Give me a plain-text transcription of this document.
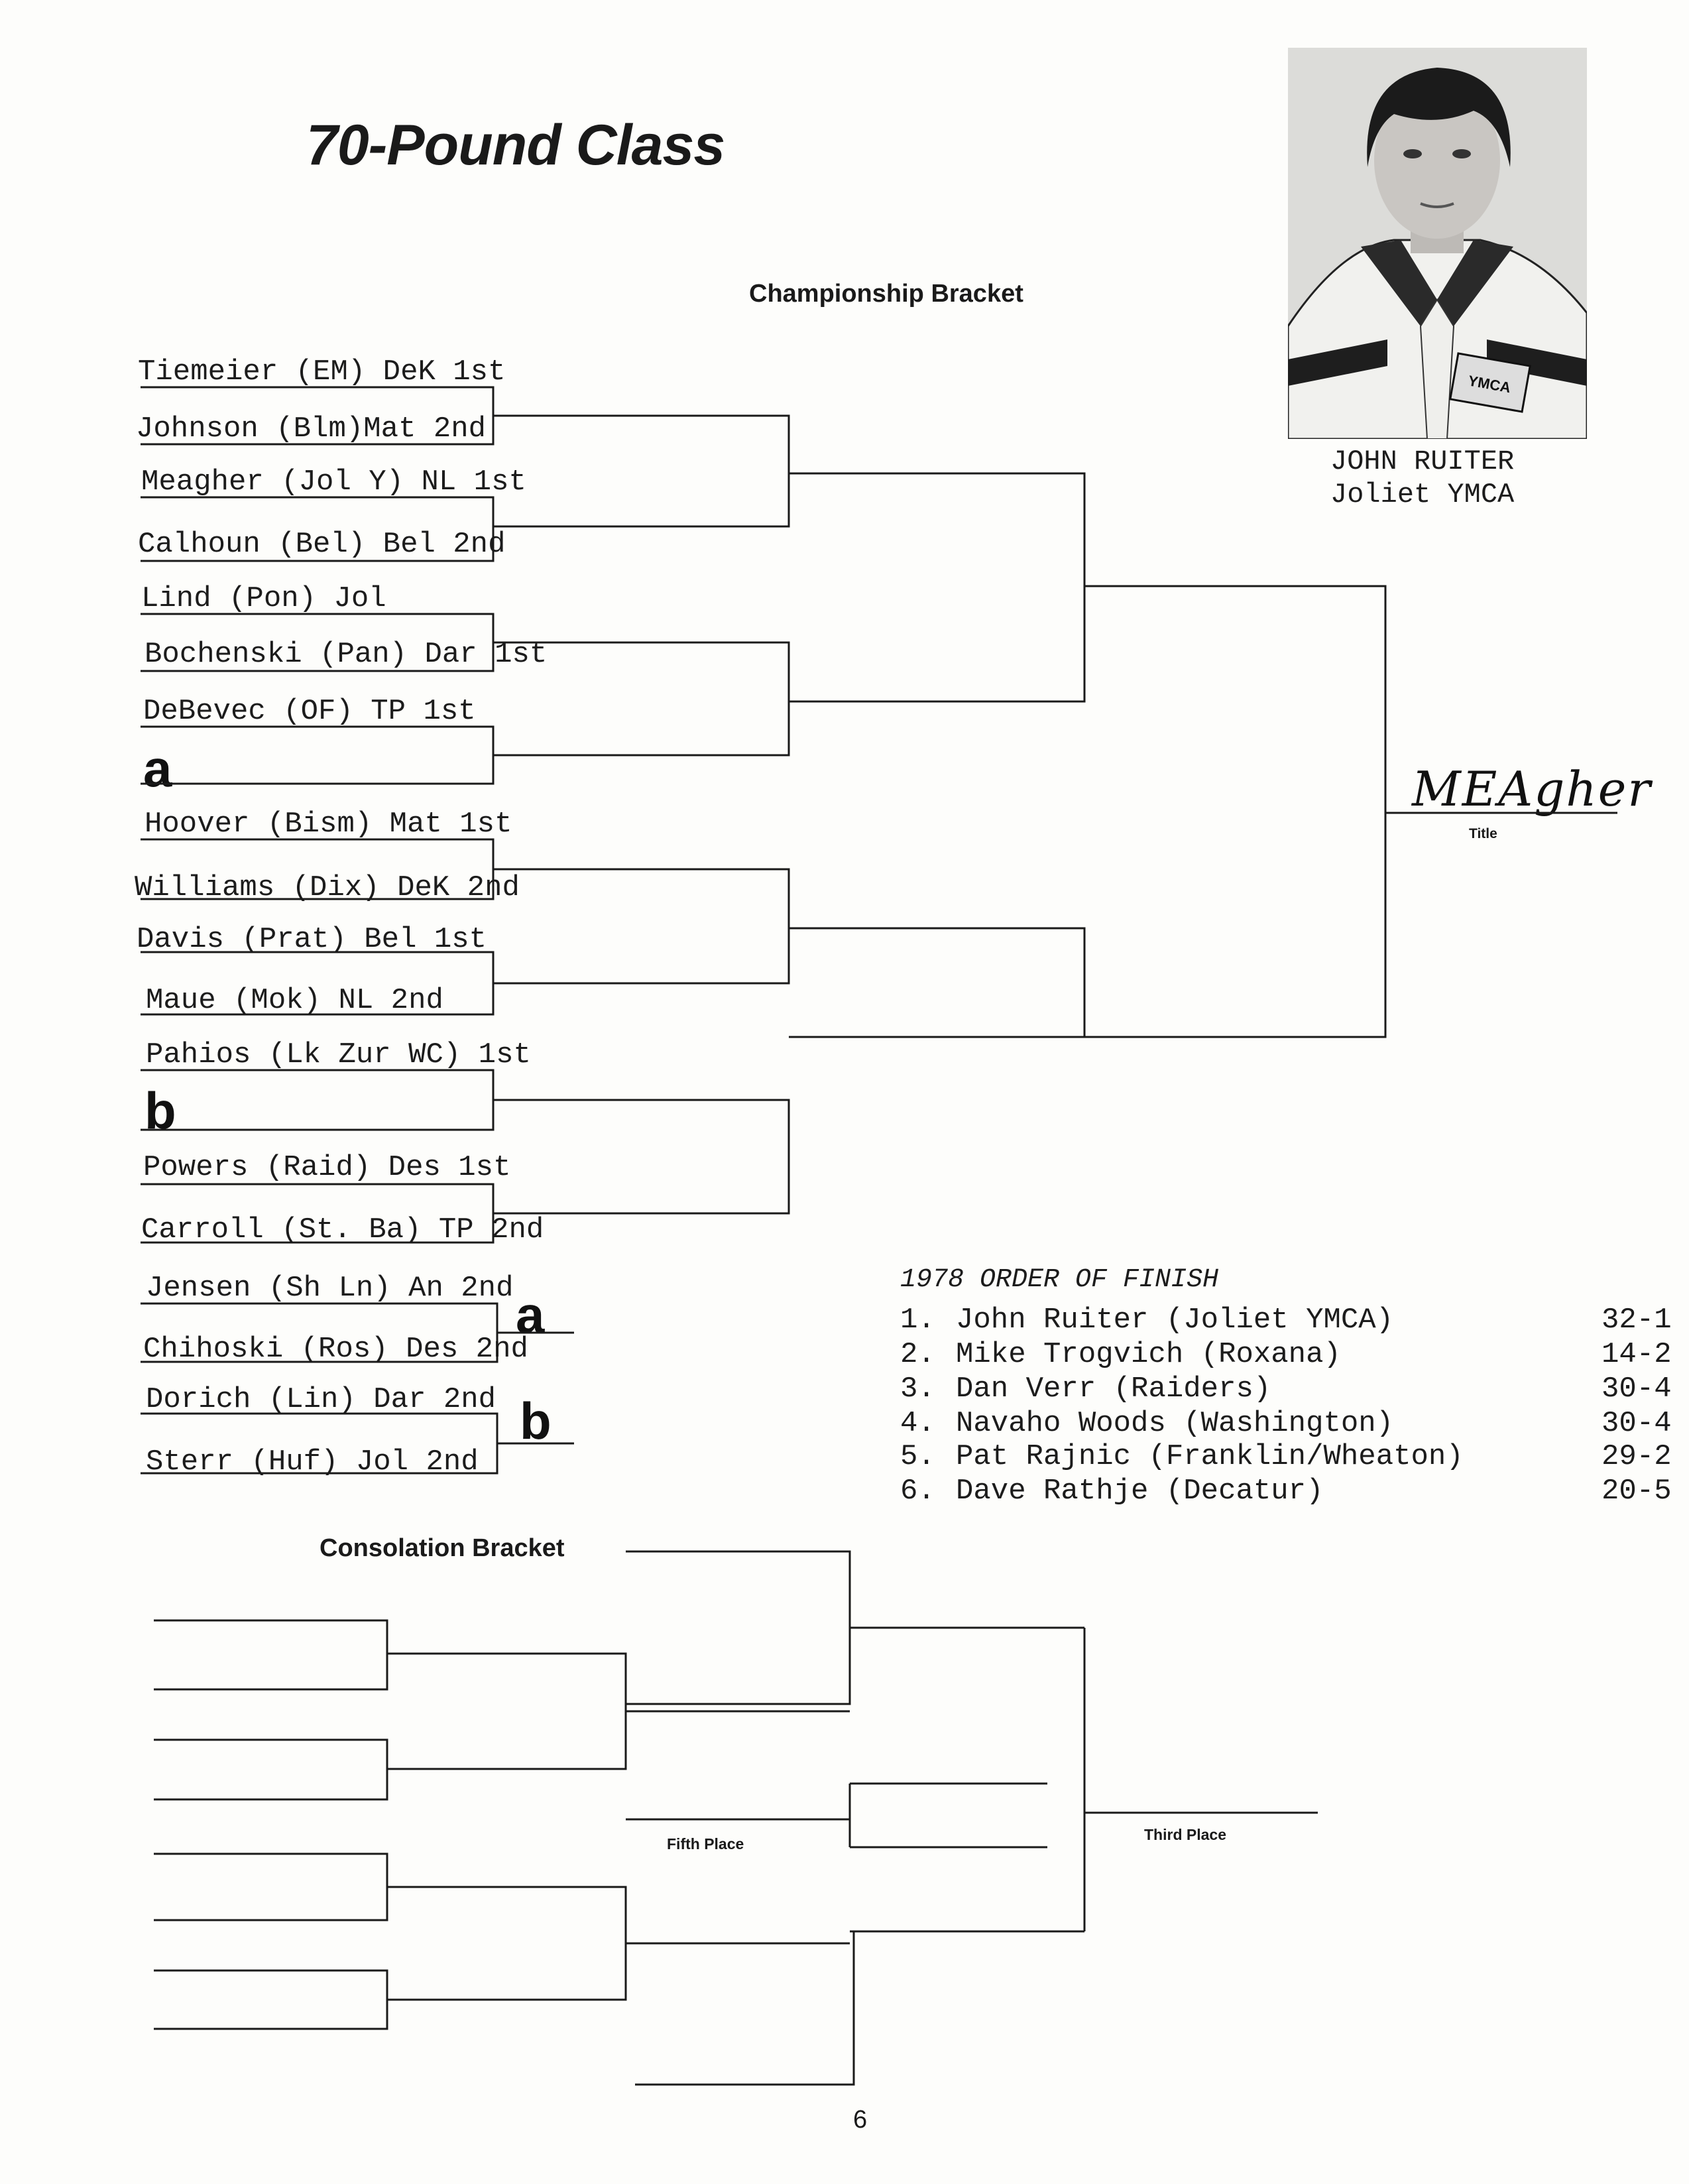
70-Pound Class
Championship Bracket
YMCA
JOHN RUITER
Joliet YMCA
Tiemeier (EM) DeK 1st
Johnson (Blm)Mat 2nd
Meagher (Jol Y) NL 1st
Calhoun (Bel) Bel 2nd
Lind (Pon) Jol
Bochenski (Pan) Dar 1st
DeBevec (OF) TP 1st
a
Hoover (Bism) Mat 1st
Williams (Dix) DeK 2nd
Davis (Prat) Bel 1st
Maue (Mok) NL 2nd
Pahios (Lk Zur WC) 1st
b
Powers (Raid) Des 1st
Carroll (St. Ba) TP 2nd
Jensen (Sh Ln) An 2nd
Chihoski (Ros) Des 2nd
Dorich (Lin) Dar 2nd
Sterr (Huf) Jol 2nd
a
b
MEAgher
Title
1978 ORDER OF FINISH
1. John Ruiter (Joliet YMCA)	32-1
2. Mike Trogvich (Roxana)	14-2
3. Dan Verr (Raiders)	30-4
4. Navaho Woods (Washington)	30-4
5. Pat Rajnic (Franklin/Wheaton)	29-2
6. Dave Rathje (Decatur)	20-5
Consolation Bracket
Fifth Place
Third Place
6
